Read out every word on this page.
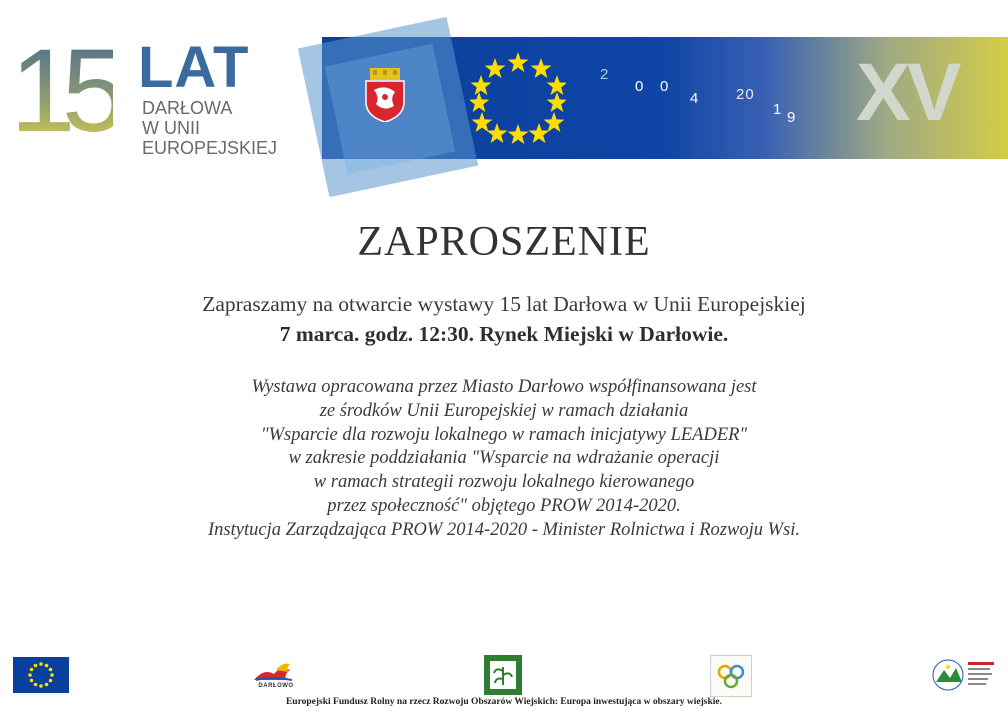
15 LAT
DARŁOWA
W UNII
EUROPEJSKIEJ
2
0 0
4 20
1 9 XV
ZAPROSZENIE
Zapraszamy na otwarcie wystawy 15 lat Darłowa w Unii Europejskiej
7 marca. godz. 12:30. Rynek Miejski w Darłowie.
Wystawa opracowana przez Miasto Darłowo współfinansowana jest
ze środków Unii Europejskiej w ramach działania
"Wsparcie dla rozwoju lokalnego w ramach inicjatywy LEADER"
w zakresie poddziałania "Wsparcie na wdrażanie operacji
w ramach strategii rozwoju lokalnego kierowanego
przez społeczność" objętego PROW 2014-2020.
Instytucja Zarządzająca PROW 2014-2020 - Minister Rolnictwa i Rozwoju Wsi.
DARŁOWO
Europejski Fundusz Rolny na rzecz Rozwoju Obszarów Wiejskich: Europa inwestująca w obszary wiejskie.
